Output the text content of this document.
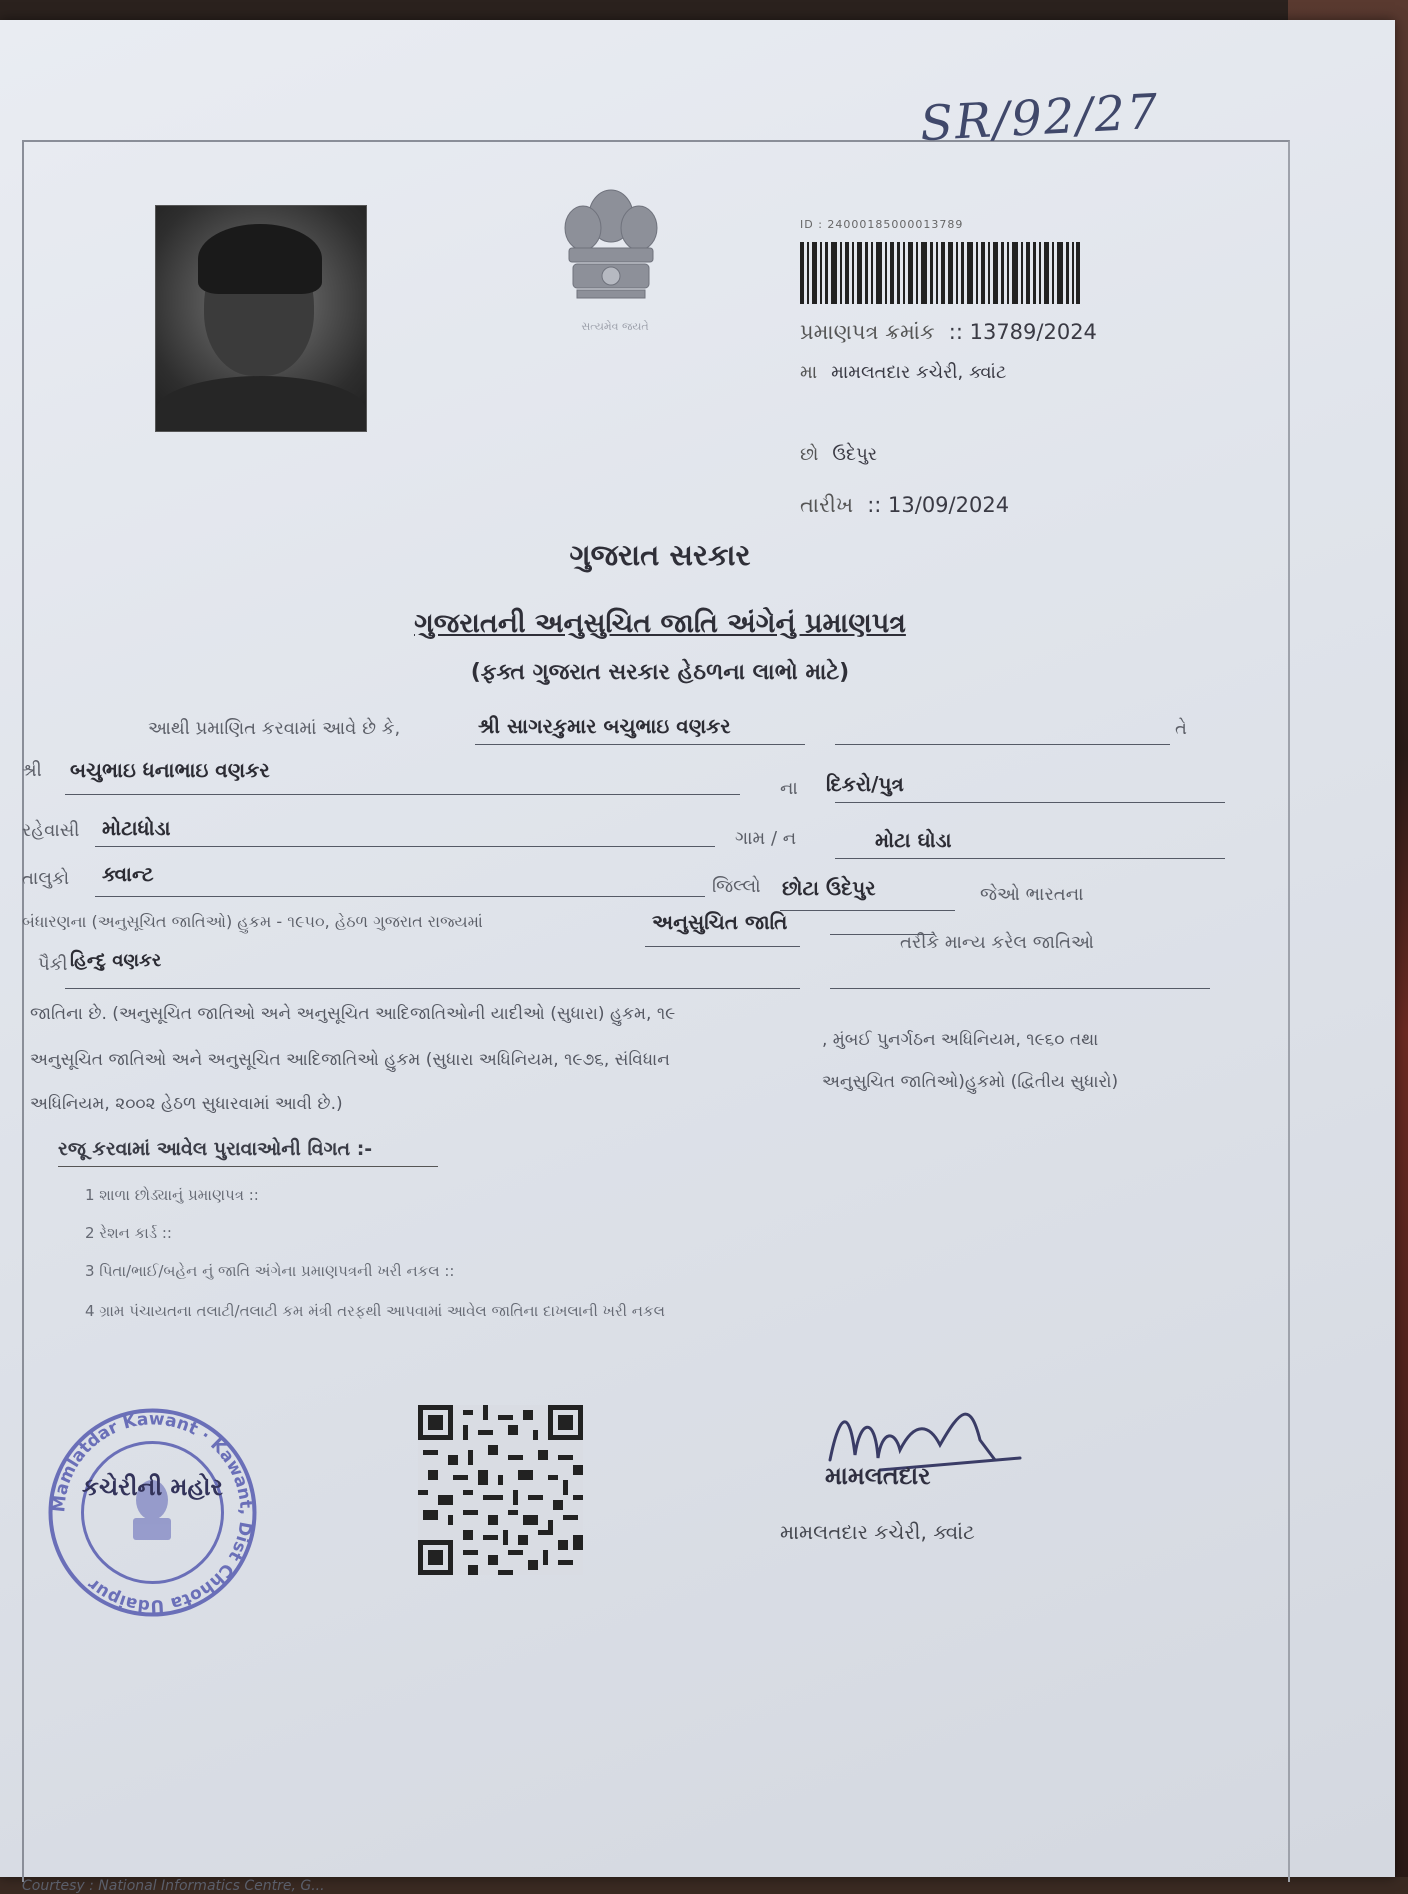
SR/92/27
સત્યમેવ જયતે
ID : 24000185000013789
પ્રમાણપત્ર ક્રમાંક :: 13789/2024
મા મામલતદાર કચેરી, ક્વાંટ
છો ઉદેપુર
તારીખ :: 13/09/2024
ગુજરાત સરકાર
ગુજરાતની અનુસુચિત જાતિ અંગેનું પ્રમાણપત્ર
(ફક્ત ગુજરાત સરકાર હેઠળના લાભો માટે)
આથી પ્રમાણિત કરવામાં આવે છે કે,	શ્રી સાગરકુમાર બચુભાઇ વણકર	તે
શ્રી બચુભાઇ ધનાભાઇ વણકર
ના દિકરો/પુત્ર
રહેવાસી મોટાધોડા	ગામ / ન	મોટા ઘોડા
તાલુકો ક્વાન્ટ
જિલ્લો છોટા ઉદેપુર	જેઓ ભારતના
બંધારણના (અનુસૂચિત જાતિઓ) હુકમ - ૧૯૫૦, હેઠળ ગુજરાત રાજ્યમાં	અનુસુચિત જાતિ
તરીકે માન્ય કરેલ જાતિઓ
પૈકી હિન્દુ વણકર
જાતિના છે. (અનુસૂચિત જાતિઓ અને અનુસૂચિત આદિજાતિઓની યાદીઓ (સુધારા) હુકમ, ૧૯
, મુંબઈ પુનર્ગઠન અધિનિયમ, ૧૯૬૦ તથા
અનુસૂચિત જાતિઓ અને અનુસૂચિત આદિજાતિઓ હુકમ (સુધારા અધિનિયમ, ૧૯૭૬, સંવિધાન
અનુસુચિત જાતિઓ)હુકમો (દ્વિતીય સુધારો)
અધિનિયમ, ૨૦૦૨ હેઠળ સુધારવામાં આવી છે.)
રજૂ કરવામાં આવેલ પુરાવાઓની વિગત :-
1 શાળા છોડ્યાનું પ્રમાણપત્ર ::
2 રેશન કાર્ડ ::
3 પિતા/ભાઈ/બહેન નું જાતિ અંગેના પ્રમાણપત્રની ખરી નકલ ::
4 ગ્રામ પંચાયતના તલાટી/તલાટી કમ મંત્રી તરફથી આપવામાં આવેલ જાતિના દાખલાની ખરી નકલ
Mamlatdar Kawant · Kawant, Dist Chhota Udaipur
કચેરીની મહોર	મામલતદાર
મામલતદાર કચેરી, ક્વાંટ
Courtesy : National Informatics Centre, G...
